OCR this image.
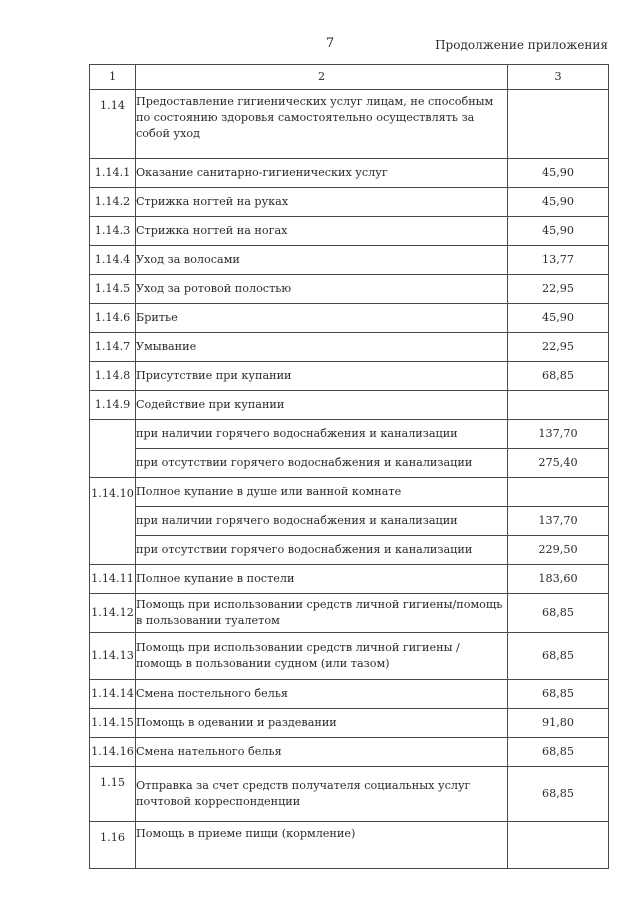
7	Продолжение приложения
1	2	3
1.14	Предоставление гигиенических услуг лицам, не способным по состоянию здоровья самостоятельно осуществлять за собой уход	
1.14.1	Оказание санитарно-гигиенических услуг	45,90
1.14.2	Стрижка ногтей на руках	45,90
1.14.3	Стрижка ногтей на ногах	45,90
1.14.4	Уход за волосами	13,77
1.14.5	Уход за ротовой полостью	22,95
1.14.6	Бритье	45,90
1.14.7	Умывание	22,95
1.14.8	Присутствие при купании	68,85
1.14.9	Содействие при купании	
	при наличии горячего водоснабжения и канализации	137,70
	при отсутствии горячего водоснабжения и канализации	275,40
1.14.10	Полное купание в душе или ванной комнате	
	при наличии горячего водоснабжения и канализации	137,70
	при отсутствии горячего водоснабжения и канализации	229,50
1.14.11	Полное купание в постели	183,60
1.14.12	Помощь при использовании средств личной гигиены/помощь в пользовании туалетом	68,85
1.14.13	Помощь при использовании средств личной гигиены / помощь в пользовании судном (или тазом)	68,85
1.14.14	Смена постельного белья	68,85
1.14.15	Помощь в одевании и раздевании	91,80
1.14.16	Смена нательного белья	68,85
1.15	Отправка за счет средств получателя социальных услуг почтовой корреспонденции	68,85
1.16	Помощь в приеме пищи (кормление)	
